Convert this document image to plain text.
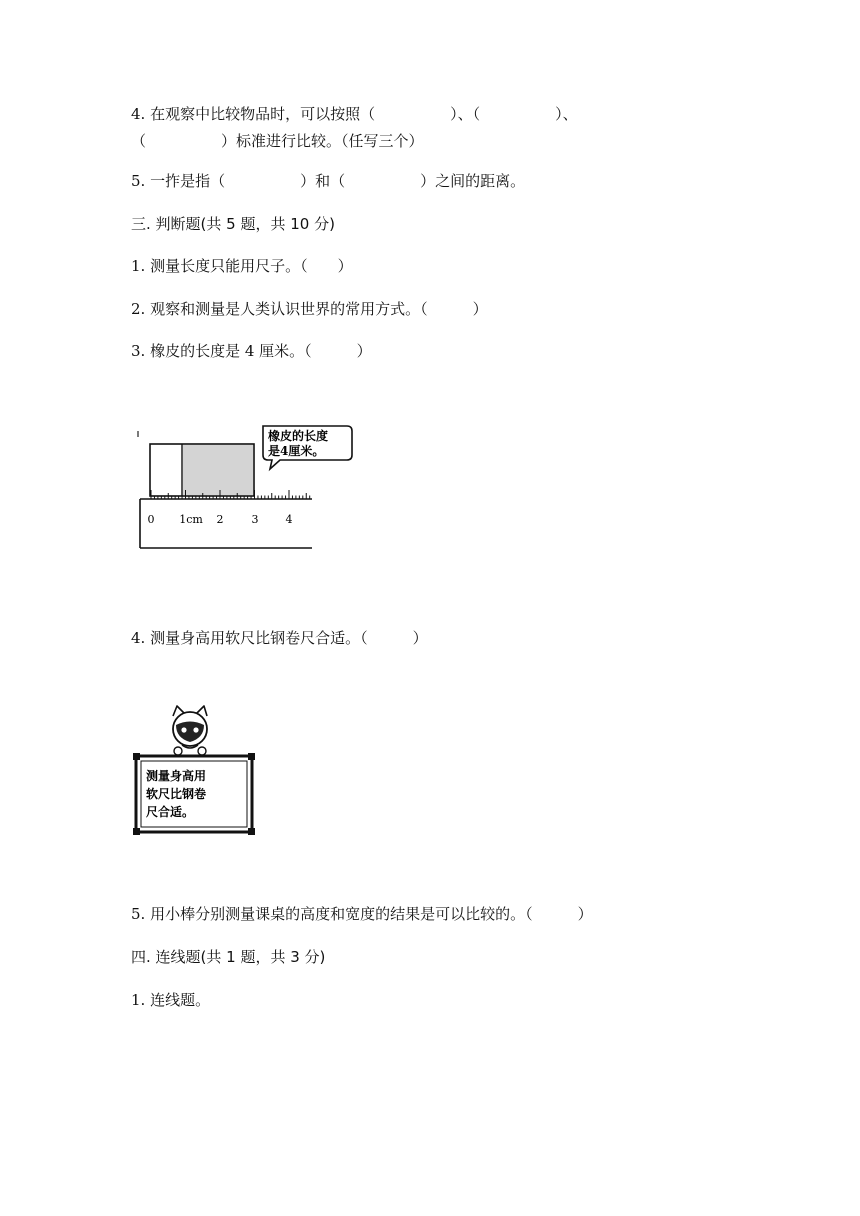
4. 在观察中比较物品时，可以按照（　　　　　）、（　　　　　）、
（　　　　　）标准进行比较。（任写三个）
5. 一拃是指（　　　　　）和（　　　　　）之间的距离。
三. 判断题(共 5 题，共 10 分)
1. 测量长度只能用尺子。（　　）
2. 观察和测量是人类认识世界的常用方式。（　　　）
3. 橡皮的长度是 4 厘米。（　　　）
橡皮的长度
是4厘米。
0 1cm 2	3 4
4. 测量身高用软尺比钢卷尺合适。（　　　）
测量身高用
软尺比钢卷
尺合适。
5. 用小棒分别测量课桌的高度和宽度的结果是可以比较的。（　　　）
四. 连线题(共 1 题，共 3 分)
1. 连线题。
